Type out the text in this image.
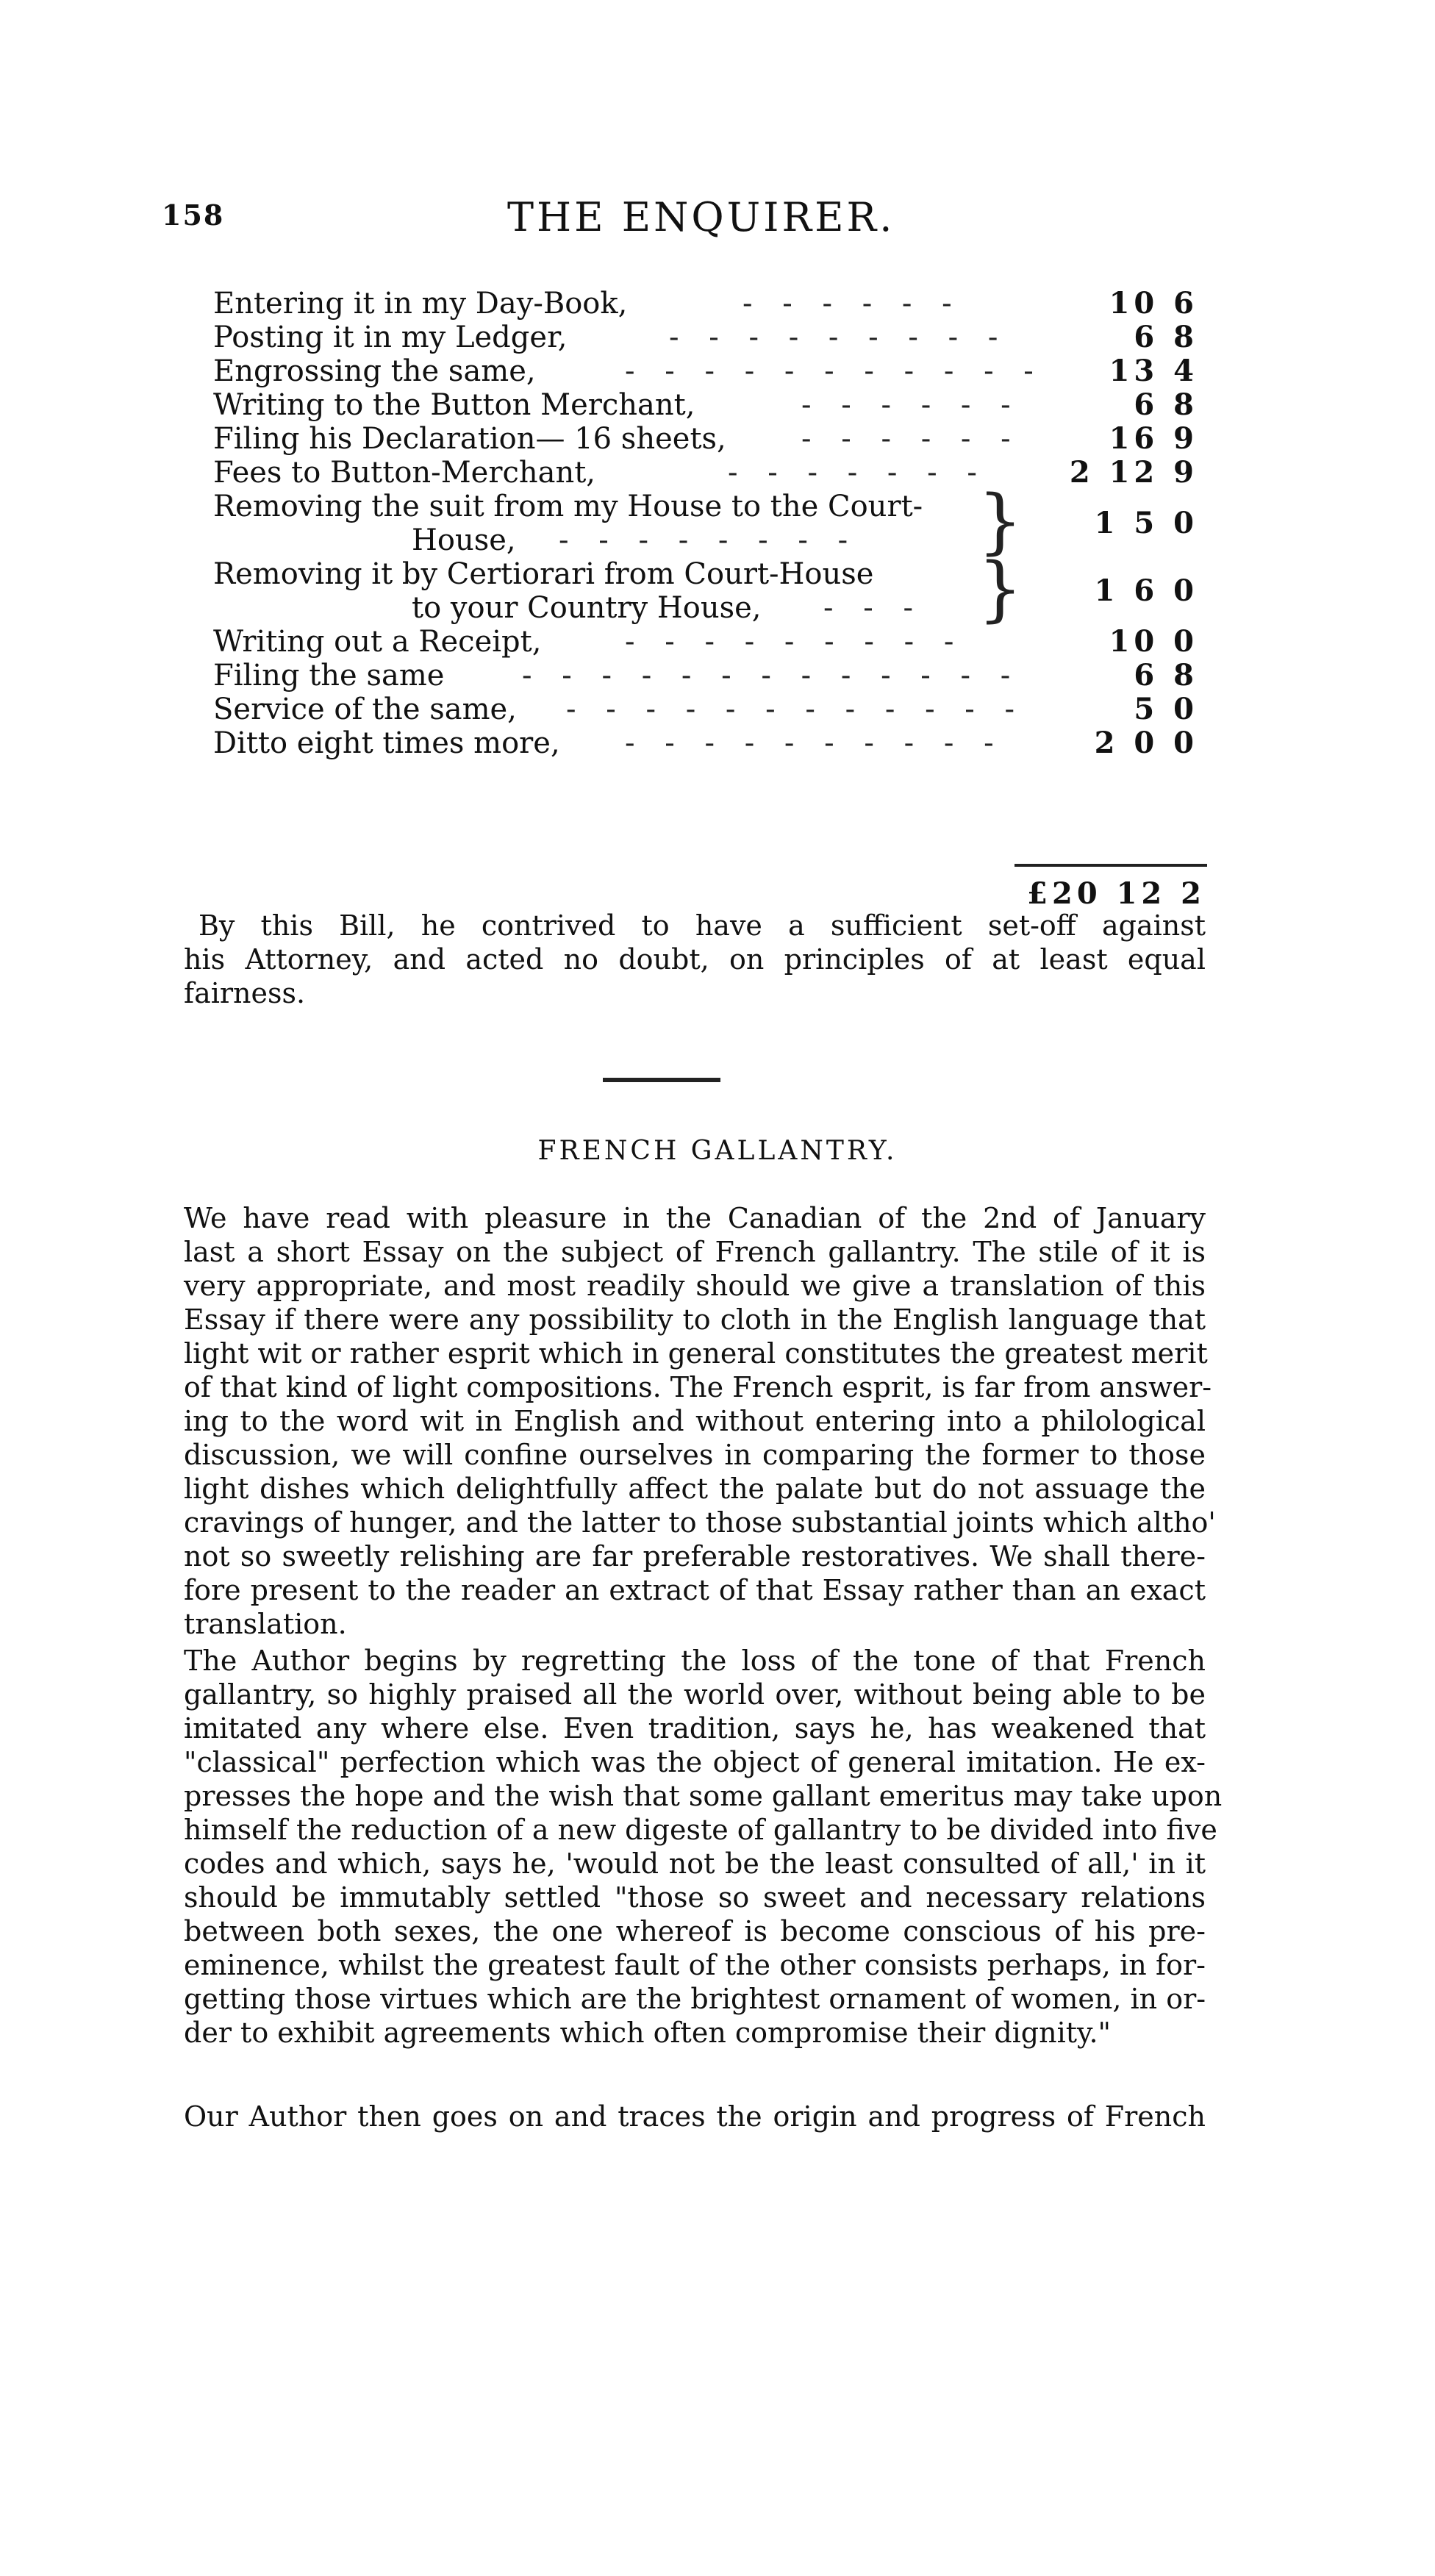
158	THE ENQUIRER.
Entering it in my Day-Book,	- - - - - -	10 6
Posting it in my Ledger,	- - - - - - - - -	6 8
Engrossing the same,	- - - - - - - - - - -	13 4
Writing to the Button Merchant,	- - - - - -	6 8
Filing his Declaration— 16 sheets,	- - - - - -	16 9
Fees to Button-Merchant,	- - - - - - -	2 12 9
Removing the suit from my House to the Court-
House, - - - - - - - - }	1 5 0
Removing it by Certiorari from Court-House
to your Country House, - - - }	1 6 0
Writing out a Receipt,	- - - - - - - - -	10 0
Filing the same	- - - - - - - - - - - - -	6 8
Service of the same, - - - - - - - - - - - -	5 0
Ditto eight times more, - - - - - - - - - -	2 0 0
£20 12 2
By this Bill, he contrived to have a sufficient set-off against
his Attorney, and acted no doubt, on principles of at least equal
fairness.
FRENCH GALLANTRY.
We have read with pleasure in the Canadian of the 2nd of January
last a short Essay on the subject of French gallantry. The stile of it is
very appropriate, and most readily should we give a translation of this
Essay if there were any possibility to cloth in the English language that
light wit or rather esprit which in general constitutes the greatest merit
of that kind of light compositions. The French esprit, is far from answer-
ing to the word wit in English and without entering into a philological
discussion, we will confine ourselves in comparing the former to those
light dishes which delightfully affect the palate but do not assuage the
cravings of hunger, and the latter to those substantial joints which altho'
not so sweetly relishing are far preferable restoratives. We shall there-
fore present to the reader an extract of that Essay rather than an exact
translation.
The Author begins by regretting the loss of the tone of that French
gallantry, so highly praised all the world over, without being able to be
imitated any where else. Even tradition, says he, has weakened that
"classical" perfection which was the object of general imitation. He ex-
presses the hope and the wish that some gallant emeritus may take upon
himself the reduction of a new digeste of gallantry to be divided into five
codes and which, says he, 'would not be the least consulted of all,' in it
should be immutably settled "those so sweet and necessary relations
between both sexes, the one whereof is become conscious of his pre-
eminence, whilst the greatest fault of the other consists perhaps, in for-
getting those virtues which are the brightest ornament of women, in or-
der to exhibit agreements which often compromise their dignity."
Our Author then goes on and traces the origin and progress of French
